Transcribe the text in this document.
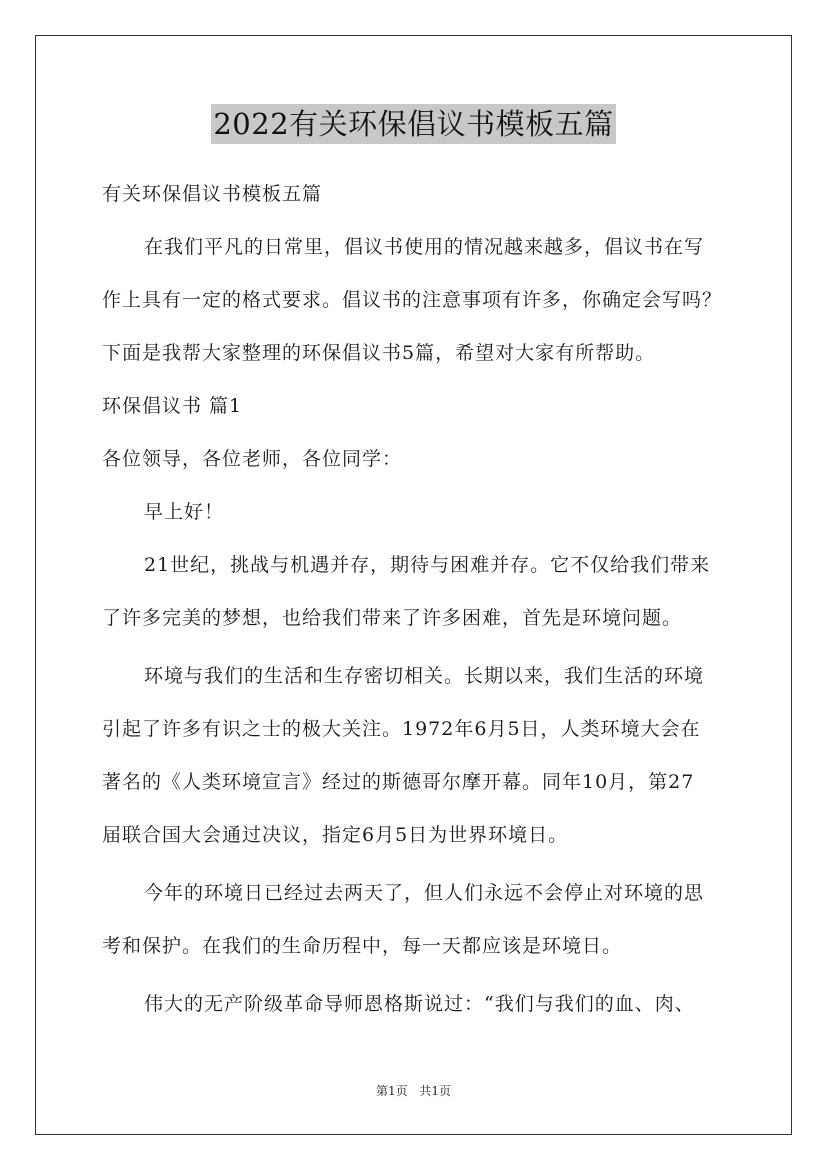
2022有关环保倡议书模板五篇
有关环保倡议书模板五篇
在我们平凡的日常里，倡议书使用的情况越来越多，倡议书在写
作上具有一定的格式要求。倡议书的注意事项有许多，你确定会写吗？
下面是我帮大家整理的环保倡议书5篇，希望对大家有所帮助。
环保倡议书 篇1
各位领导，各位老师，各位同学：
早上好！
21世纪，挑战与机遇并存，期待与困难并存。它不仅给我们带来
了许多完美的梦想，也给我们带来了许多困难，首先是环境问题。
环境与我们的生活和生存密切相关。长期以来，我们生活的环境
引起了许多有识之士的极大关注。1972年6月5日，人类环境大会在
著名的《人类环境宣言》经过的斯德哥尔摩开幕。同年10月，第27
届联合国大会通过决议，指定6月5日为世界环境日。
今年的环境日已经过去两天了，但人们永远不会停止对环境的思
考和保护。在我们的生命历程中，每一天都应该是环境日。
伟大的无产阶级革命导师恩格斯说过：“我们与我们的血、肉、
第1页 共1页
